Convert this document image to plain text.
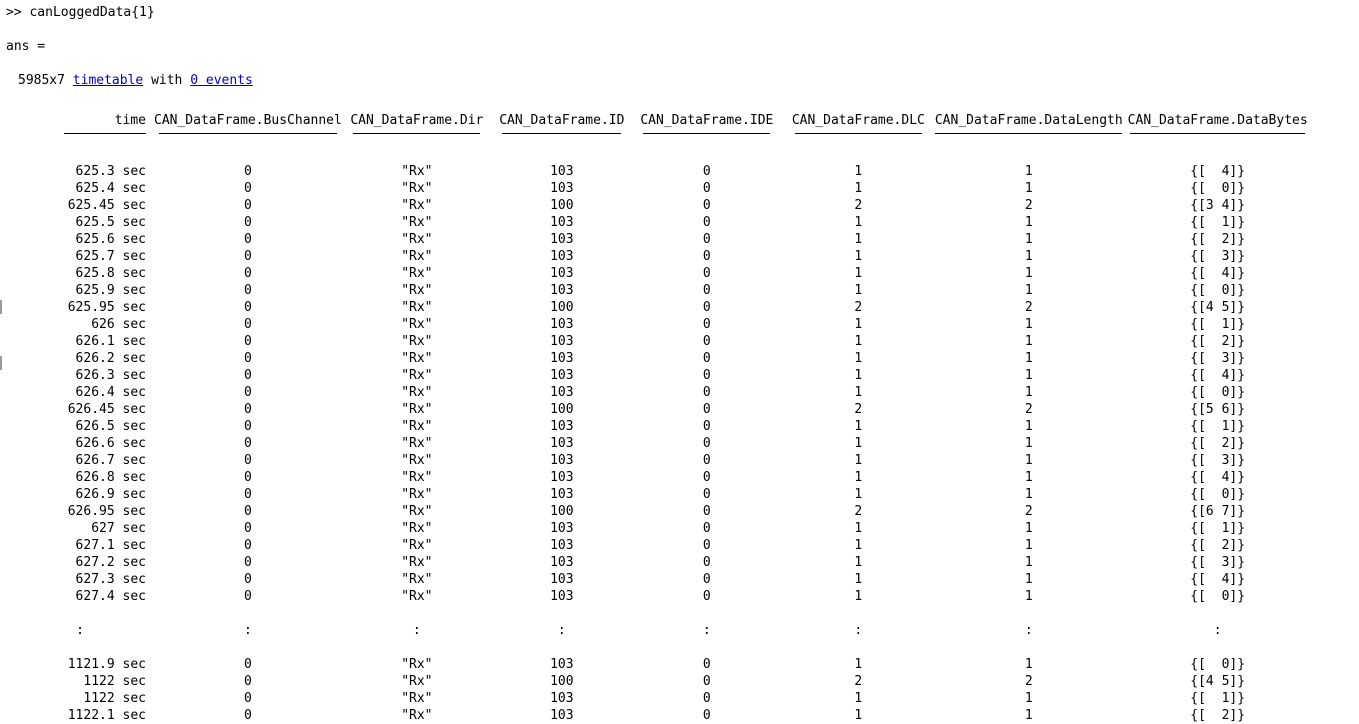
>> canLoggedData{1}
ans =
5985x7 timetable with 0 events
time	CAN_DataFrame.BusChannel	CAN_DataFrame.Dir	CAN_DataFrame.ID	CAN_DataFrame.IDE	CAN_DataFrame.DLC	CAN_DataFrame.DataLength	CAN_DataFrame.DataBytes

625.3 sec	0	"Rx"	103	0	1	1	{[  4]}
625.4 sec	0	"Rx"	103	0	1	1	{[  0]}
625.45 sec	0	"Rx"	100	0	2	2	{[3 4]}
625.5 sec	0	"Rx"	103	0	1	1	{[  1]}
625.6 sec	0	"Rx"	103	0	1	1	{[  2]}
625.7 sec	0	"Rx"	103	0	1	1	{[  3]}
625.8 sec	0	"Rx"	103	0	1	1	{[  4]}
625.9 sec	0	"Rx"	103	0	1	1	{[  0]}
625.95 sec	0	"Rx"	100	0	2	2	{[4 5]}
626 sec	0	"Rx"	103	0	1	1	{[  1]}
626.1 sec	0	"Rx"	103	0	1	1	{[  2]}
626.2 sec	0	"Rx"	103	0	1	1	{[  3]}
626.3 sec	0	"Rx"	103	0	1	1	{[  4]}
626.4 sec	0	"Rx"	103	0	1	1	{[  0]}
626.45 sec	0	"Rx"	100	0	2	2	{[5 6]}
626.5 sec	0	"Rx"	103	0	1	1	{[  1]}
626.6 sec	0	"Rx"	103	0	1	1	{[  2]}
626.7 sec	0	"Rx"	103	0	1	1	{[  3]}
626.8 sec	0	"Rx"	103	0	1	1	{[  4]}
626.9 sec	0	"Rx"	103	0	1	1	{[  0]}
626.95 sec	0	"Rx"	100	0	2	2	{[6 7]}
627 sec	0	"Rx"	103	0	1	1	{[  1]}
627.1 sec	0	"Rx"	103	0	1	1	{[  2]}
627.2 sec	0	"Rx"	103	0	1	1	{[  3]}
627.3 sec	0	"Rx"	103	0	1	1	{[  4]}
627.4 sec	0	"Rx"	103	0	1	1	{[  0]}

:	:	:	:	:	:	:	:

1121.9 sec	0	"Rx"	103	0	1	1	{[  0]}
1122 sec	0	"Rx"	100	0	2	2	{[4 5]}
1122 sec	0	"Rx"	103	0	1	1	{[  1]}
1122.1 sec	0	"Rx"	103	0	1	1	{[  2]}
